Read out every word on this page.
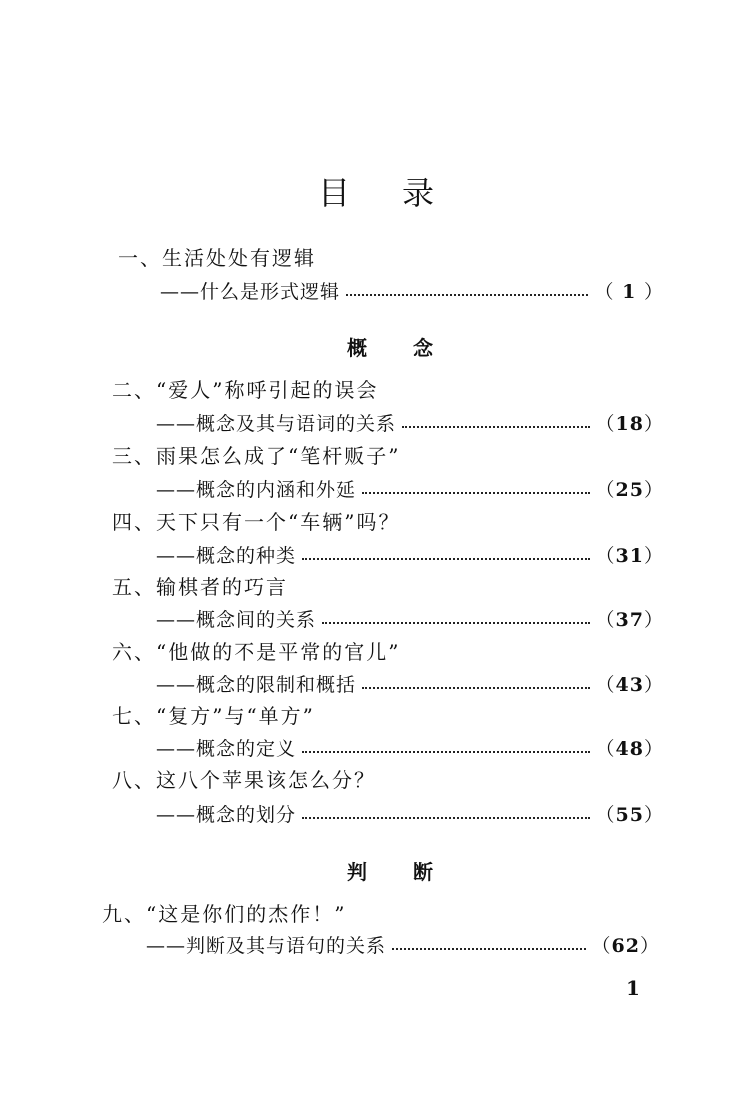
目录
一、生活处处有逻辑
——什么是形式逻辑	（ 1 ）
概念
二、“爱人”称呼引起的误会
——概念及其与语词的关系	（18）
三、雨果怎么成了“笔杆贩子”
——概念的内涵和外延	（25）
四、天下只有一个“车辆”吗？
——概念的种类	（31）
五、输棋者的巧言
——概念间的关系	（37）
六、“他做的不是平常的官儿”
——概念的限制和概括	（43）
七、“复方”与“单方”
——概念的定义	（48）
八、这八个苹果该怎么分？
——概念的划分	（55）
判断
九、“这是你们的杰作！”
——判断及其与语句的关系	（62）
1
